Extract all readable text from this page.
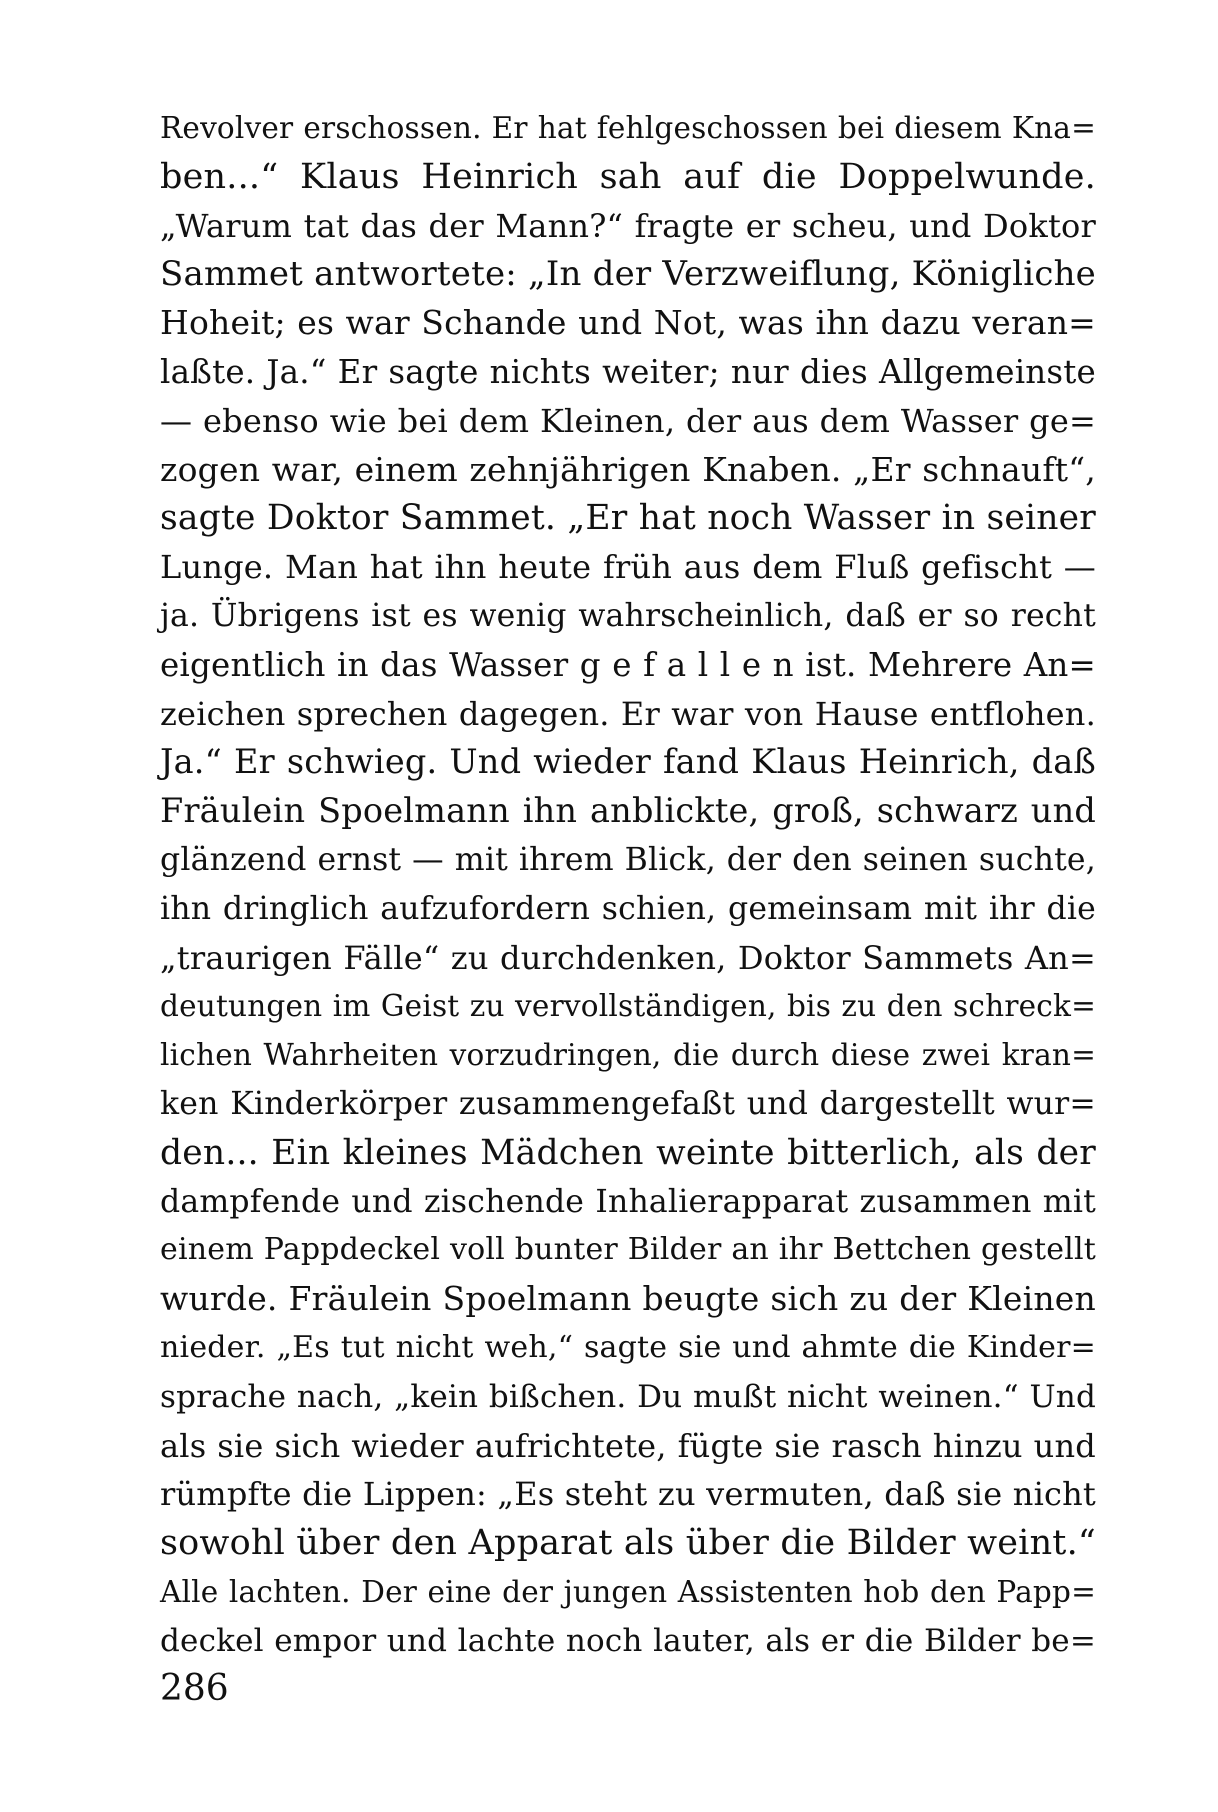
Revolver erschossen. Er hat fehlgeschossen bei diesem Kna=
ben...“ Klaus Heinrich sah auf die Doppelwunde.
„Warum tat das der Mann?“ fragte er scheu, und Doktor
Sammet antwortete: „In der Verzweiflung, Königliche
Hoheit; es war Schande und Not, was ihn dazu veran=
laßte. Ja.“ Er sagte nichts weiter; nur dies Allgemeinste
— ebenso wie bei dem Kleinen, der aus dem Wasser ge=
zogen war, einem zehnjährigen Knaben. „Er schnauft“,
sagte Doktor Sammet. „Er hat noch Wasser in seiner
Lunge. Man hat ihn heute früh aus dem Fluß gefischt —
ja. Übrigens ist es wenig wahrscheinlich, daß er so recht
eigentlich in das Wasser g e f a l l e n ist. Mehrere An=
zeichen sprechen dagegen. Er war von Hause entflohen.
Ja.“ Er schwieg. Und wieder fand Klaus Heinrich, daß
Fräulein Spoelmann ihn anblickte, groß, schwarz und
glänzend ernst — mit ihrem Blick, der den seinen suchte,
ihn dringlich aufzufordern schien, gemeinsam mit ihr die
„traurigen Fälle“ zu durchdenken, Doktor Sammets An=
deutungen im Geist zu vervollständigen, bis zu den schreck=
lichen Wahrheiten vorzudringen, die durch diese zwei kran=
ken Kinderkörper zusammengefaßt und dargestellt wur=
den... Ein kleines Mädchen weinte bitterlich, als der
dampfende und zischende Inhalierapparat zusammen mit
einem Pappdeckel voll bunter Bilder an ihr Bettchen gestellt
wurde. Fräulein Spoelmann beugte sich zu der Kleinen
nieder. „Es tut nicht weh,“ sagte sie und ahmte die Kinder=
sprache nach, „kein bißchen. Du mußt nicht weinen.“ Und
als sie sich wieder aufrichtete, fügte sie rasch hinzu und
rümpfte die Lippen: „Es steht zu vermuten, daß sie nicht
sowohl über den Apparat als über die Bilder weint.“
Alle lachten. Der eine der jungen Assistenten hob den Papp=
deckel empor und lachte noch lauter, als er die Bilder be=
286
